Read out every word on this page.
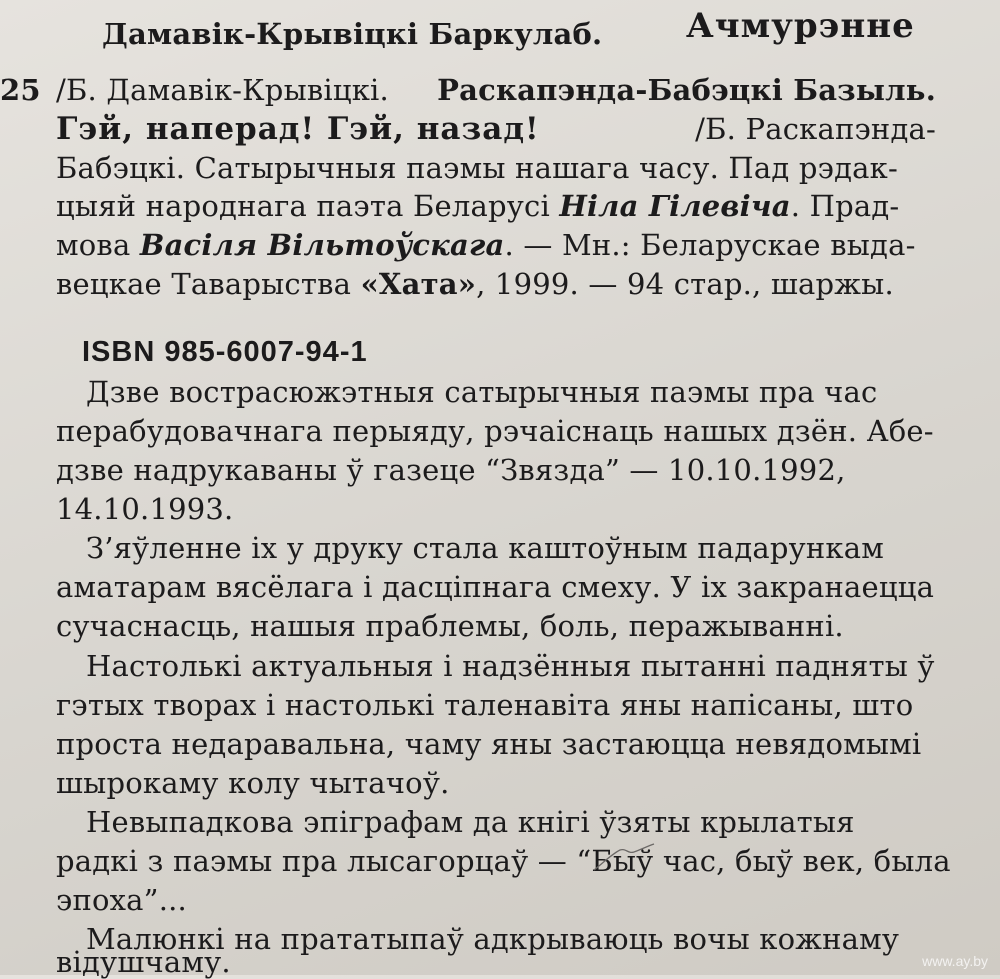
Дамавік-Крывіцкі Баркулаб. Ачмурэнне
25 /Б. Дамавік-Крывіцкі. Раскапэнда-Бабэцкі Базыль.
Гэй, наперад! Гэй, назад!	/Б. Раскапэнда-
Бабэцкі. Сатырычныя паэмы нашага часу. Пад рэдак-
цыяй народнага паэта Беларусі Ніла Гілевіча. Прад-
мова Васіля Вільтоўскага. — Мн.: Беларускае выда-
вецкае Таварыства «Хата», 1999. — 94 стар., шаржы.
ISBN 985-6007-94-1
Дзве вострасюжэтныя сатырычныя паэмы пра час
перабудовачнага перыяду, рэчаіснаць нашых дзён. Абе-
дзве надрукаваны ў газеце “Звязда” — 10.10.1992,
14.10.1993.
З’яўленне іх у друку стала каштоўным падарункам
аматарам вясёлага і дасціпнага смеху. У іх закранаецца
сучаснасць, нашыя праблемы, боль, перажыванні.
Настолькі актуальныя і надзённыя пытанні падняты ў
гэтых творах і настолькі таленавіта яны напісаны, што
проста недаравальна, чаму яны застаюцца невядомымі
шырокаму колу чытачоў.
Невыпадкова эпіграфам да кнігі ўзяты крылатыя
радкі з паэмы пра лысагорцаў — “Быў час, быў век, была
эпоха”...
Малюнкі на прататыпаў адкрываюць вочы кожнаму
відушчаму.	www.ay.by
